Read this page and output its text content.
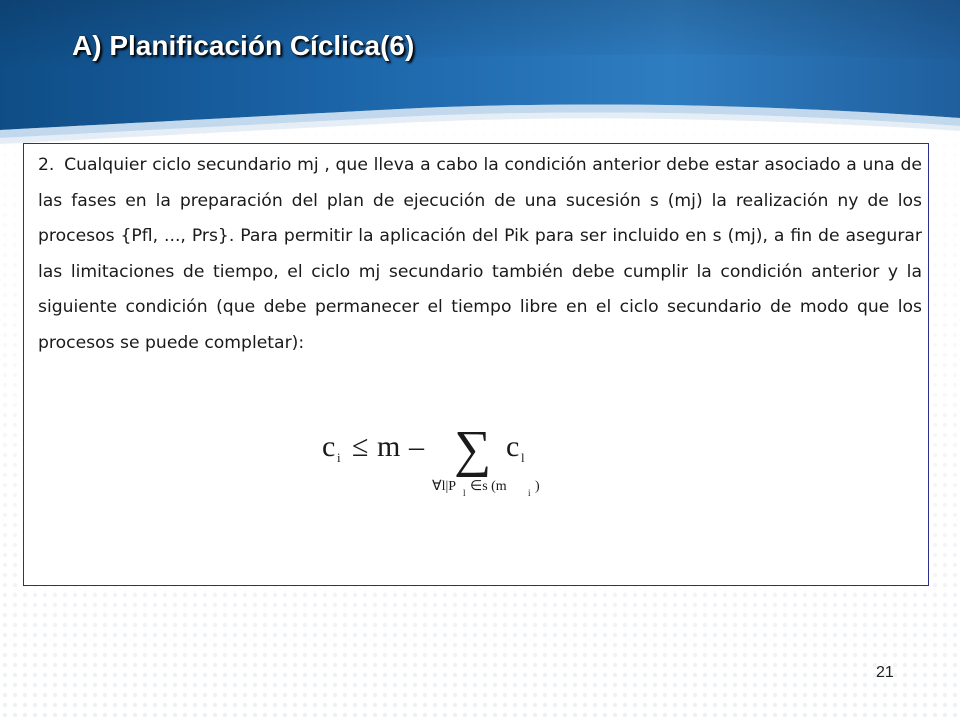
A) Planificación Cíclica(6)

2. Cualquier ciclo secundario mj , que lleva a cabo la condición anterior debe estar asociado a una de las fases en la preparación del plan de ejecución de una sucesión s (mj) la realización ny de los procesos {Pfl, ..., Prs}. Para permitir la aplicación del Pik para ser incluido en s (mj), a fin de asegurar las limitaciones de tiempo, el ciclo mj secundario también debe cumplir la condición anterior y la siguiente condición (que debe permanecer el tiempo libre en el ciclo secundario de modo que los procesos se puede completar):

c i ≤ m – ∑ c l
∀l|P l ∈s (m i )
21
